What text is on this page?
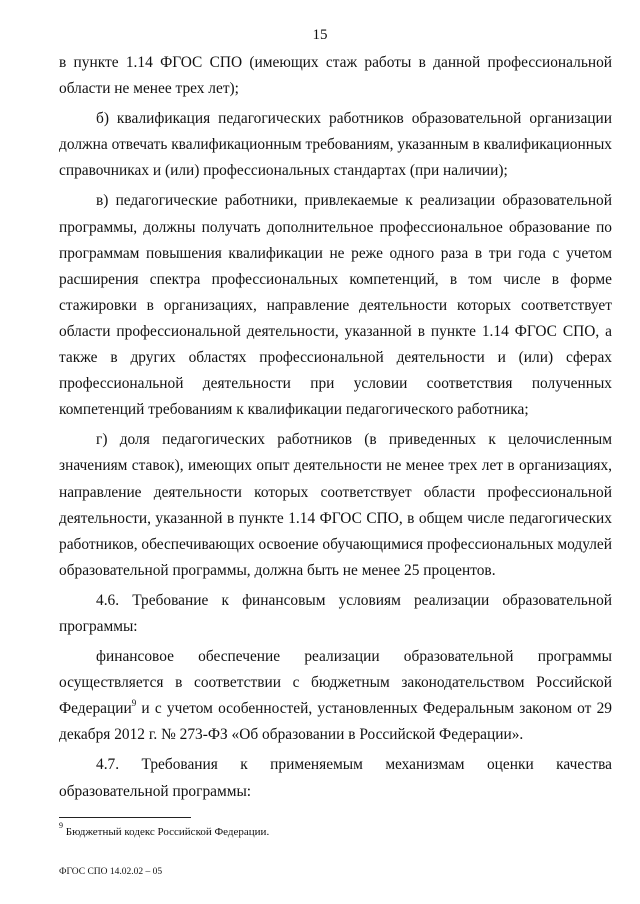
15

в пункте 1.14 ФГОС СПО (имеющих стаж работы в данной профессиональной области не менее трех лет);

б) квалификация педагогических работников образовательной организации должна отвечать квалификационным требованиям, указанным в квалификационных справочниках и (или) профессиональных стандартах (при наличии);

в) педагогические работники, привлекаемые к реализации образовательной программы, должны получать дополнительное профессиональное образование по программам повышения квалификации не реже одного раза в три года с учетом расширения спектра профессиональных компетенций, в том числе в форме стажировки в организациях, направление деятельности которых соответствует области профессиональной деятельности, указанной в пункте 1.14 ФГОС СПО, а также в других областях профессиональной деятельности и (или) сферах профессиональной деятельности при условии соответствия полученных компетенций требованиям к квалификации педагогического работника;

г) доля педагогических работников (в приведенных к целочисленным значениям ставок), имеющих опыт деятельности не менее трех лет в организациях, направление деятельности которых соответствует области профессиональной деятельности, указанной в пункте 1.14 ФГОС СПО, в общем числе педагогических работников, обеспечивающих освоение обучающимися профессиональных модулей образовательной программы, должна быть не менее 25 процентов.

4.6. Требование к финансовым условиям реализации образовательной программы:

финансовое обеспечение реализации образовательной программы осуществляется в соответствии с бюджетным законодательством Российской Федерации$^9$ и с учетом особенностей, установленных Федеральным законом от 29 декабря 2012 г. № 273-ФЗ «Об образовании в Российской Федерации».

4.7. Требования к применяемым механизмам оценки качества образовательной программы:

$^9$ Бюджетный кодекс Российской Федерации.
ФГОС СПО 14.02.02 – 05
